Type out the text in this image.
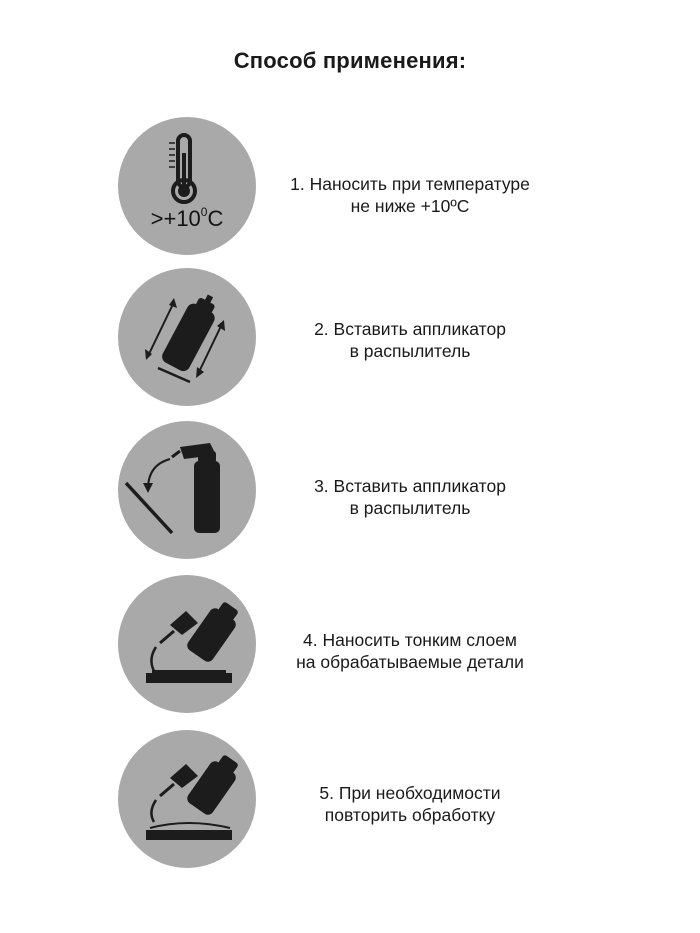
Способ применения:
$>+10^0C$
1. Наносить при температуре
не ниже +10ºC
2. Вставить аппликатор
в распылитель
3. Вставить аппликатор
в распылитель
4. Наносить тонким слоем
на обрабатываемые детали
5. При необходимости
повторить обработку
